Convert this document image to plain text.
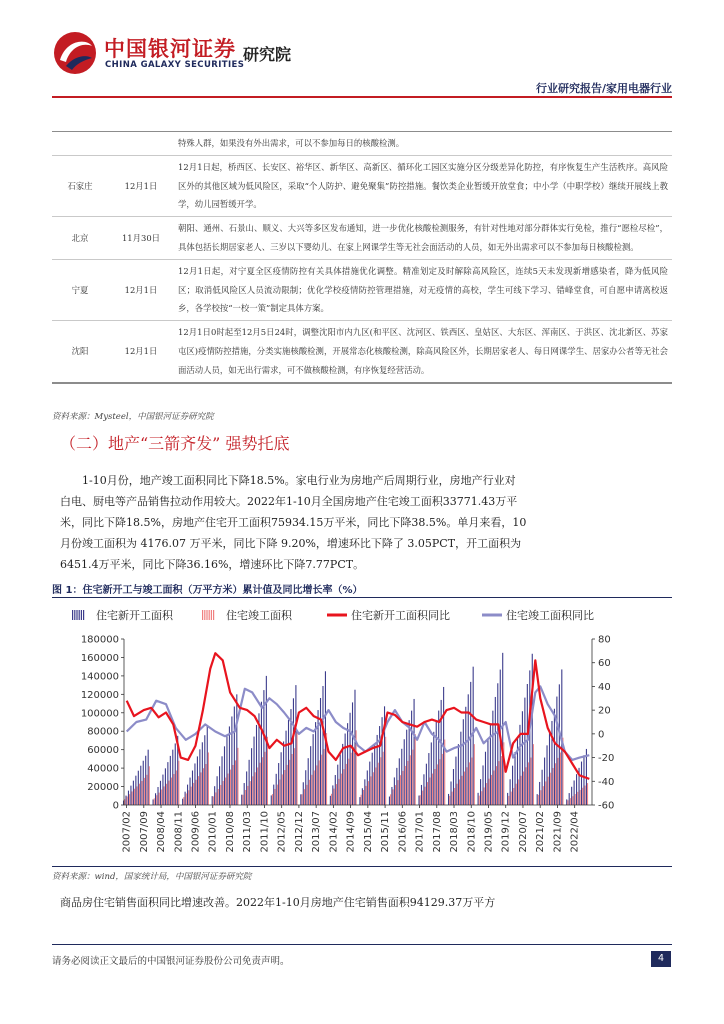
中国银河证券
CHINA GALAXY SECURITIES
研究院
行业研究报告/家用电器行业
		特殊人群，如果没有外出需求，可以不参加每日的核酸检测。
石家庄	12月1日	12月1日起，桥西区、长安区、裕华区、新华区、高新区、循环化工园区实施分区分级差异化防控，有序恢复生产生活秩序。高风险区外的其他区域为低风险区，采取“个人防护、避免聚集”防控措施。餐饮类企业暂缓开放堂食；中小学（中职学校）继续开展线上教学，幼儿园暂缓开学。
北京	11月30日	朝阳、通州、石景山、顺义、大兴等多区发布通知，进一步优化核酸检测服务，有针对性地对部分群体实行免检，推行“愿检尽检”，具体包括长期居家老人、三岁以下婴幼儿、在家上网课学生等无社会面活动的人员，如无外出需求可以不参加每日核酸检测。
宁夏	12月1日	12月1日起，对宁夏全区疫情防控有关具体措施优化调整。精准划定及时解除高风险区，连续5天未发现新增感染者，降为低风险区；取消低风险区人员流动限制；优化学校疫情防控管理措施，对无疫情的高校，学生可线下学习、错峰堂食，可自愿申请离校返乡，各学校按“一校一策”制定具体方案。
沈阳	12月1日	12月1日0时起至12月5日24时，调整沈阳市内九区(和平区、沈河区、铁西区、皇姑区、大东区、浑南区、于洪区、沈北新区、苏家屯区)疫情防控措施，分类实施核酸检测，开展常态化核酸检测，除高风险区外，长期居家老人、每日网课学生、居家办公者等无社会面活动人员，如无出行需求，可不做核酸检测，有序恢复经营活动。
资料来源：Mysteel，中国银河证券研究院
（二）地产“三箭齐发” 强势托底
1-10月份，地产竣工面积同比下降18.5%。家电行业为房地产后周期行业，房地产行业对
白电、厨电等产品销售拉动作用较大。2022年1-10月全国房地产住宅竣工面积33771.43万平
米，同比下降18.5%，房地产住宅开工面积75934.15万平米，同比下降38.5%。单月来看，10
月份竣工面积为 4176.07 万平米，同比下降 9.20%，增速环比下降了 3.05PCT，开工面积为
6451.4万平米，同比下降36.16%，增速环比下降7.77PCT。
图 1：住宅新开工与竣工面积（万平方米）累计值及同比增长率（%）
住宅新开工面积	住宅竣工面积	住宅新开工面积同比	住宅竣工面积同比
0
20000
40000
60000
80000
100000
120000
140000
160000
180000
-60
-40
-20
0
20
40
60
80
2007/02 2007/09 2008/04 2008/11 2009/06 2010/01 2010/08 2011/03 2011/10 2012/05 2012/12 2013/07 2014/02 2014/09 2015/04 2015/11 2016/06 2017/01 2017/08 2018/03 2018/10 2019/05 2019/12 2020/07 2021/02 2021/09 2022/04
资料来源：wind，国家统计局，中国银河证券研究院
商品房住宅销售面积同比增速改善。2022年1-10月房地产住宅销售面积94129.37万平方
请务必阅读正文最后的中国银河证券股份公司免责声明。	4
